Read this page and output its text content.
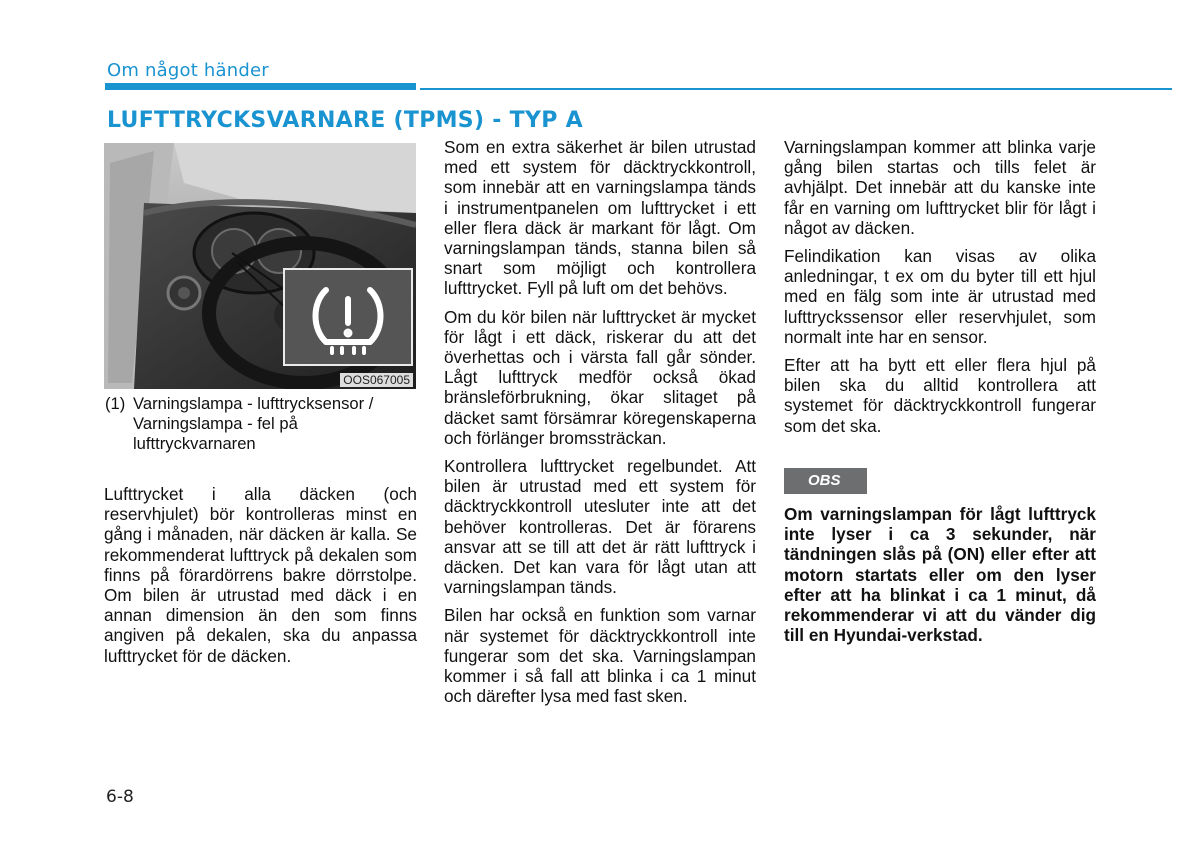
Om något händer
LUFTTRYCKSVARNARE (TPMS) - TYP A
OOS067005
(1) Varningslampa - lufttrycksensor / Varningslampa - fel på lufttryckvarnaren

Lufttrycket i alla däcken (och reservhjulet) bör kontrolleras minst en gång i månaden, när däcken är kalla. Se rekommenderat lufttryck på dekalen som finns på förardörrens bakre dörrstolpe. Om bilen är utrustad med däck i en annan dimension än den som finns angiven på dekalen, ska du anpassa lufttrycket för de däcken.

Som en extra säkerhet är bilen utrustad med ett system för däcktryckkontroll, som innebär att en varningslampa tänds i instrumentpanelen om lufttrycket i ett eller flera däck är markant för lågt. Om varningslampan tänds, stanna bilen så snart som möjligt och kontrollera lufttrycket. Fyll på luft om det behövs.

Om du kör bilen när lufttrycket är mycket för lågt i ett däck, riskerar du att det överhettas och i värsta fall går sönder. Lågt lufttryck medför också ökad bränsleförbrukning, ökar slitaget på däcket samt försämrar köregenskaperna och förlänger bromssträckan.

Kontrollera lufttrycket regelbundet. Att bilen är utrustad med ett system för däcktryckkontroll utesluter inte att det behöver kontrolleras. Det är förarens ansvar att se till att det är rätt lufttryck i däcken. Det kan vara för lågt utan att varningslampan tänds.

Bilen har också en funktion som varnar när systemet för däcktryckkontroll inte fungerar som det ska. Varningslampan kommer i så fall att blinka i ca 1 minut och därefter lysa med fast sken.

Varningslampan kommer att blinka varje gång bilen startas och tills felet är avhjälpt. Det innebär att du kanske inte får en varning om lufttrycket blir för lågt i något av däcken.

Felindikation kan visas av olika anledningar, t ex om du byter till ett hjul med en fälg som inte är utrustad med lufttryckssensor eller reservhjulet, som normalt inte har en sensor.

Efter att ha bytt ett eller flera hjul på bilen ska du alltid kontrollera att systemet för däcktryckkontroll fungerar som det ska.

OBS

Om varningslampan för lågt lufttryck inte lyser i ca 3 sekunder, när tändningen slås på (ON) eller efter att motorn startats eller om den lyser efter att ha blinkat i ca 1 minut, då rekommenderar vi att du vänder dig till en Hyundai-verkstad.

6-8
